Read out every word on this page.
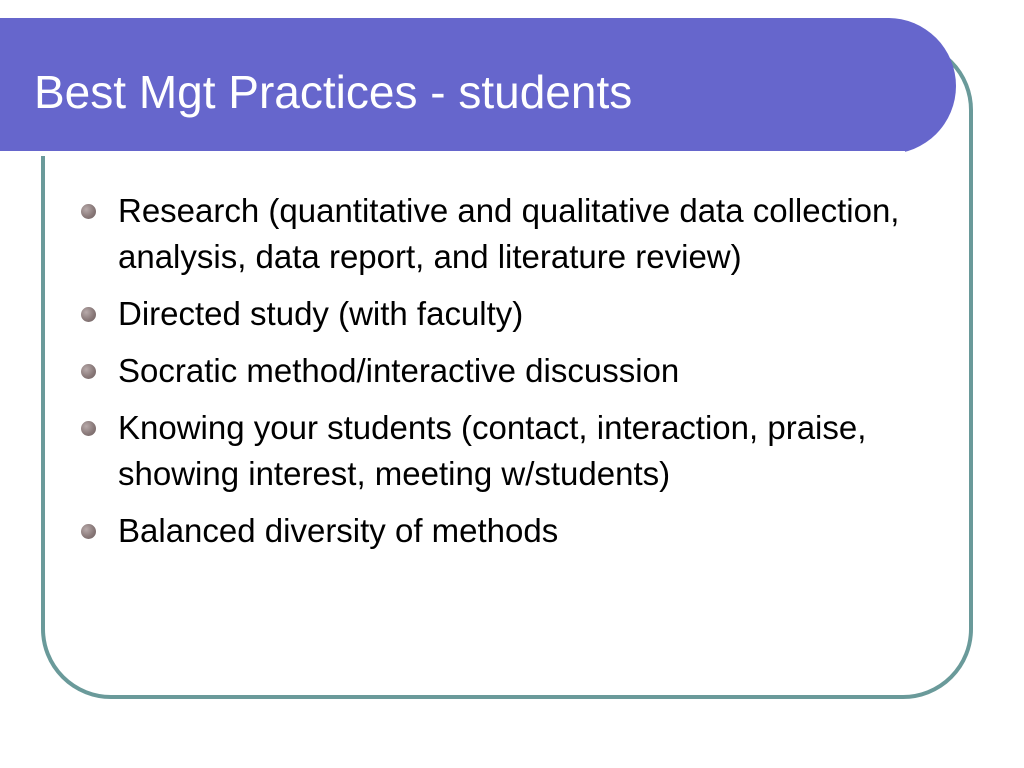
Best Mgt Practices - students
Research (quantitative and qualitative data collection, analysis, data report, and literature review)
Directed study (with faculty)
Socratic method/interactive discussion
Knowing your students (contact, interaction, praise, showing interest, meeting w/students)
Balanced diversity of methods
